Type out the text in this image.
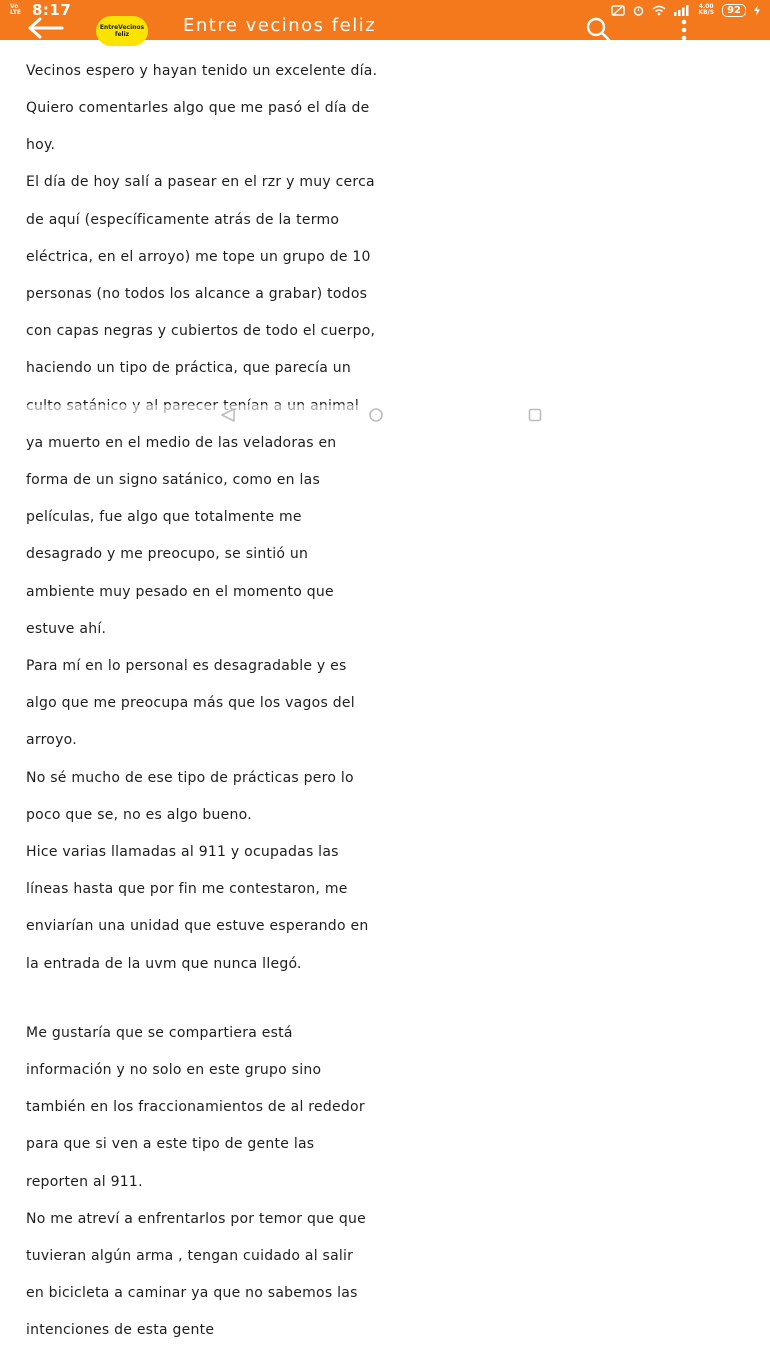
Vo LTE 8:17	4.00
KB/S	92
EntreVecinos
feliz	Entre vecinos feliz

Vecinos espero y hayan tenido un excelente día.

Quiero comentarles algo que me pasó el día de

hoy.

El día de hoy salí a pasear en el rzr y muy cerca

de aquí (específicamente atrás de la termo

eléctrica, en el arroyo) me tope un grupo de 10

personas (no todos los alcance a grabar) todos

con capas negras y cubiertos de todo el cuerpo,

haciendo un tipo de práctica, que parecía un

ya muerto en el medio de las veladoras en

forma de un signo satánico, como en las

películas, fue algo que totalmente me

desagrado y me preocupo, se sintió un

ambiente muy pesado en el momento que

estuve ahí.

Para mí en lo personal es desagradable y es

algo que me preocupa más que los vagos del

arroyo.

No sé mucho de ese tipo de prácticas pero lo

poco que se, no es algo bueno.

Hice varias llamadas al 911 y ocupadas las

líneas hasta que por fin me contestaron, me

enviarían una unidad que estuve esperando en

la entrada de la uvm que nunca llegó.

Me gustaría que se compartiera está

información y no solo en este grupo sino

también en los fraccionamientos de al rededor

para que si ven a este tipo de gente las

reporten al 911.

No me atreví a enfrentarlos por temor que que

tuvieran algún arma , tengan cuidado al salir

en bicicleta a caminar ya que no sabemos las

intenciones de esta gente
